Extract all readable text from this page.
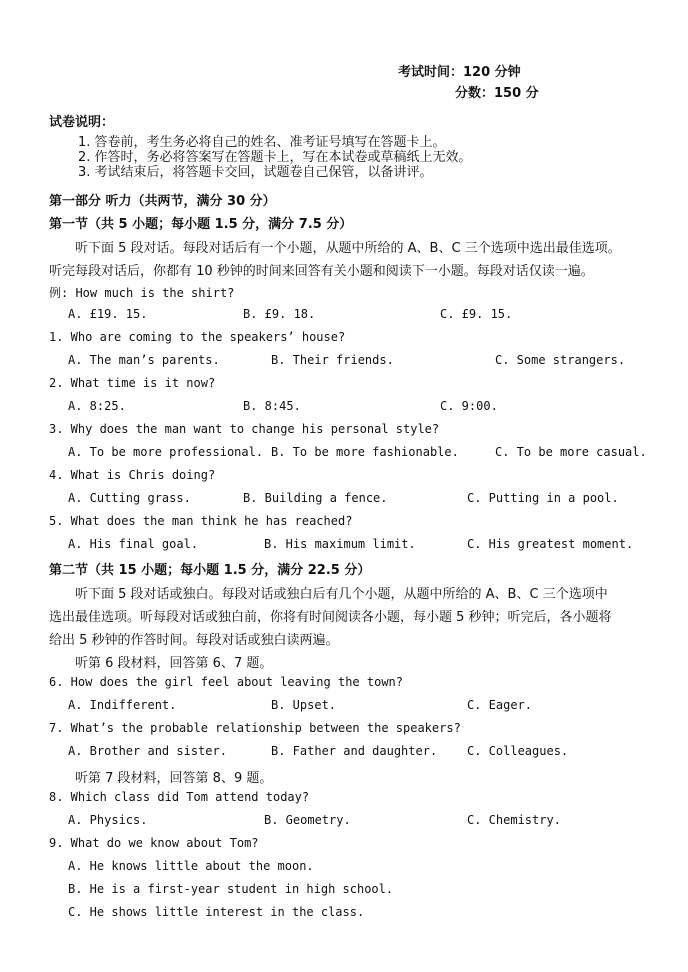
考试时间：120 分钟
分数：150 分
试卷说明：
1. 答卷前，考生务必将自己的姓名、准考证号填写在答题卡上。
2. 作答时，务必将答案写在答题卡上，写在本试卷或草稿纸上无效。
3. 考试结束后，将答题卡交回，试题卷自己保管，以备讲评。
第一部分 听力（共两节，满分 30 分）
第一节（共 5 小题；每小题 1.5 分，满分 7.5 分）
听下面 5 段对话。每段对话后有一个小题，从题中所给的 A、B、C 三个选项中选出最佳选项。
听完每段对话后，你都有 10 秒钟的时间来回答有关小题和阅读下一小题。每段对话仅读一遍。
例: How much is the shirt?
A. £19. 15.	B. £9. 18.	C. £9. 15.
1. Who are coming to the speakers’ house?
A. The man’s parents.	B. Their friends.	C. Some strangers.
2. What time is it now?
A. 8:25.	B. 8:45.	C. 9:00.
3. Why does the man want to change his personal style?
A. To be more professional. B. To be more fashionable.	C. To be more casual.
4. What is Chris doing?
A. Cutting grass.	B. Building a fence.	C. Putting in a pool.
5. What does the man think he has reached?
A. His final goal.	B. His maximum limit.	C. His greatest moment.
第二节（共 15 小题；每小题 1.5 分，满分 22.5 分）
听下面 5 段对话或独白。每段对话或独白后有几个小题，从题中所给的 A、B、C 三个选项中
选出最佳选项。听每段对话或独白前，你将有时间阅读各小题，每小题 5 秒钟；听完后，各小题将
给出 5 秒钟的作答时间。每段对话或独白读两遍。
听第 6 段材料，回答第 6、7 题。
6. How does the girl feel about leaving the town?
A. Indifferent.	B. Upset.	C. Eager.
7. What’s the probable relationship between the speakers?
A. Brother and sister.	B. Father and daughter. C. Colleagues.
听第 7 段材料，回答第 8、9 题。
8. Which class did Tom attend today?
A. Physics.	B. Geometry.	C. Chemistry.
9. What do we know about Tom?
A. He knows little about the moon.
B. He is a first-year student in high school.
C. He shows little interest in the class.
